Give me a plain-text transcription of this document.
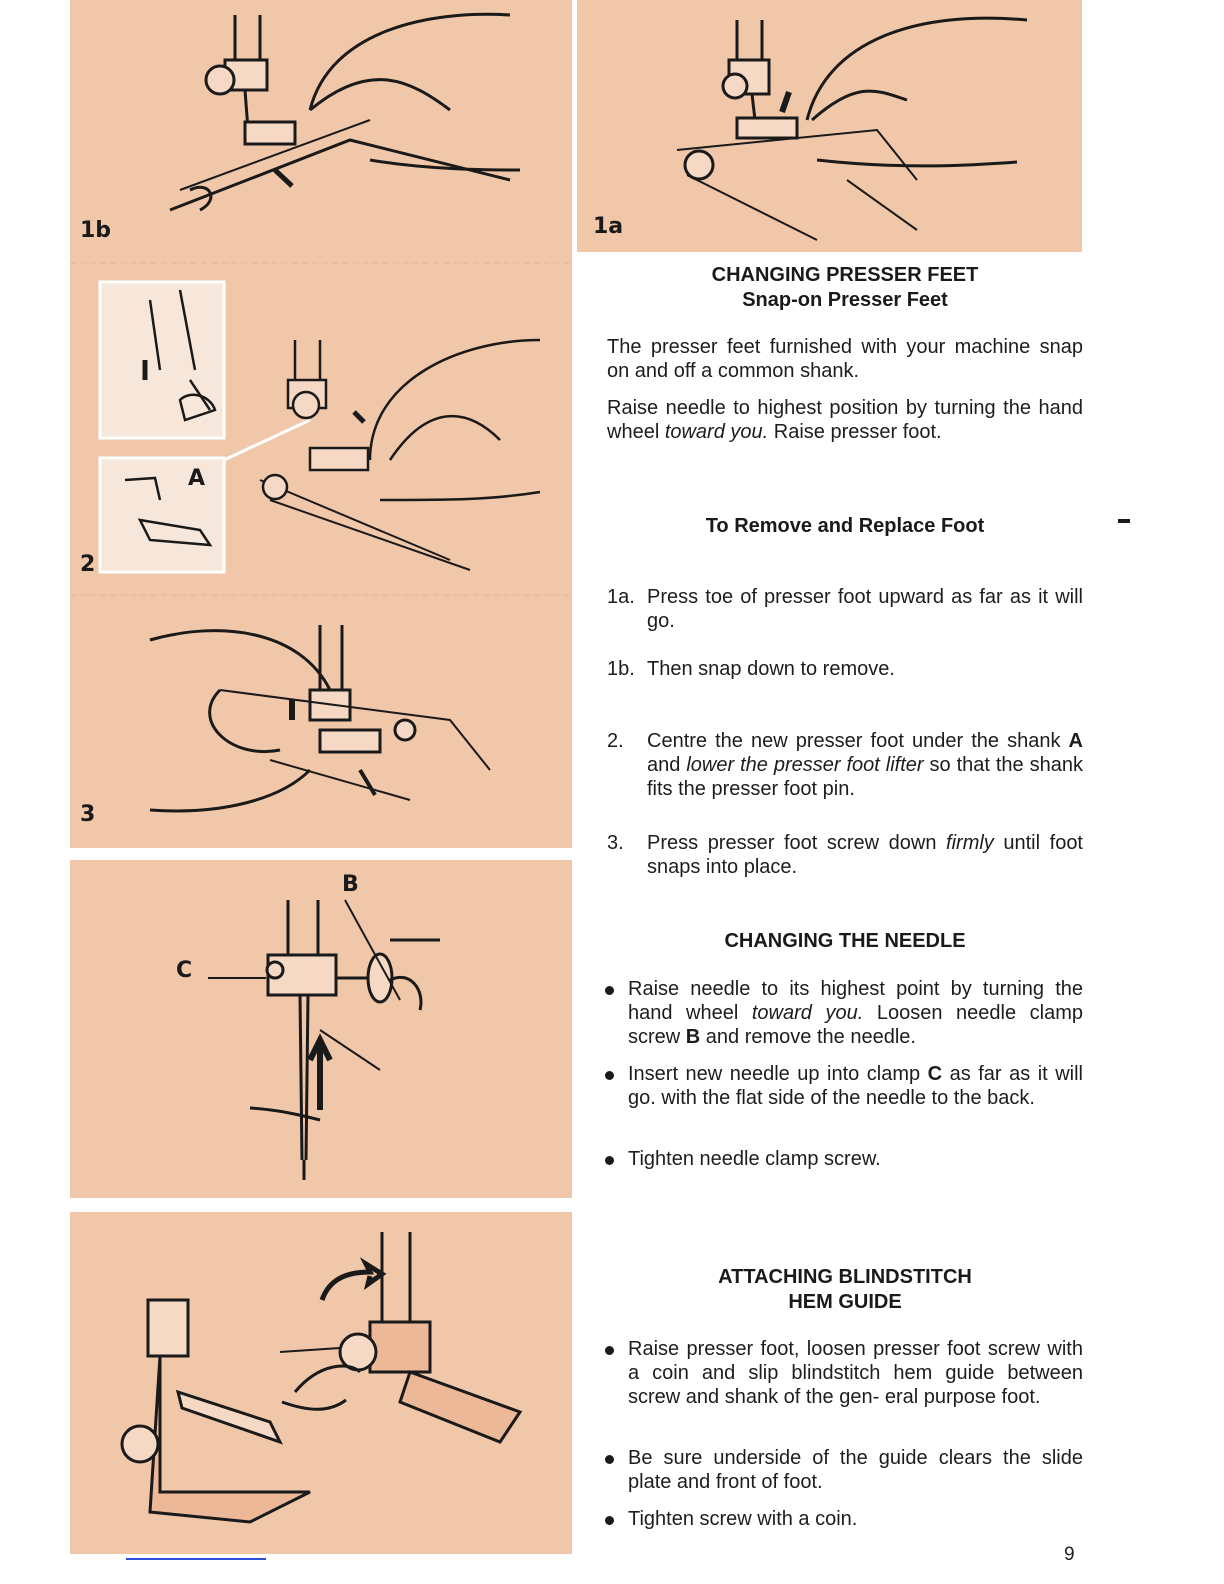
1b
A
2
3
1a
B
C
CHANGING PRESSER FEET
Snap-on Presser Feet

The presser feet furnished with your machine snap on and off a common shank.

Raise needle to highest position by turning the hand wheel toward you. Raise presser foot.

To Remove and Replace Foot
1a. Press toe of presser foot upward as far as it will go.
1b. Then snap down to remove.
2. Centre the new presser foot under the shank A and lower the presser foot lifter so that the shank fits the presser foot pin.
3. Press presser foot screw down firmly until foot snaps into place.
CHANGING THE NEEDLE
Raise needle to its highest point by turning the hand wheel toward you. Loosen needle clamp screw B and remove the needle.
Insert new needle up into clamp C as far as it will go. with the flat side of the needle to the back.
Tighten needle clamp screw.
ATTACHING BLINDSTITCH
HEM GUIDE
Raise presser foot, loosen presser foot screw with a coin and slip blindstitch hem guide between screw and shank of the gen- eral purpose foot.
Be sure underside of the guide clears the slide plate and front of foot.
Tighten screw with a coin.
9
